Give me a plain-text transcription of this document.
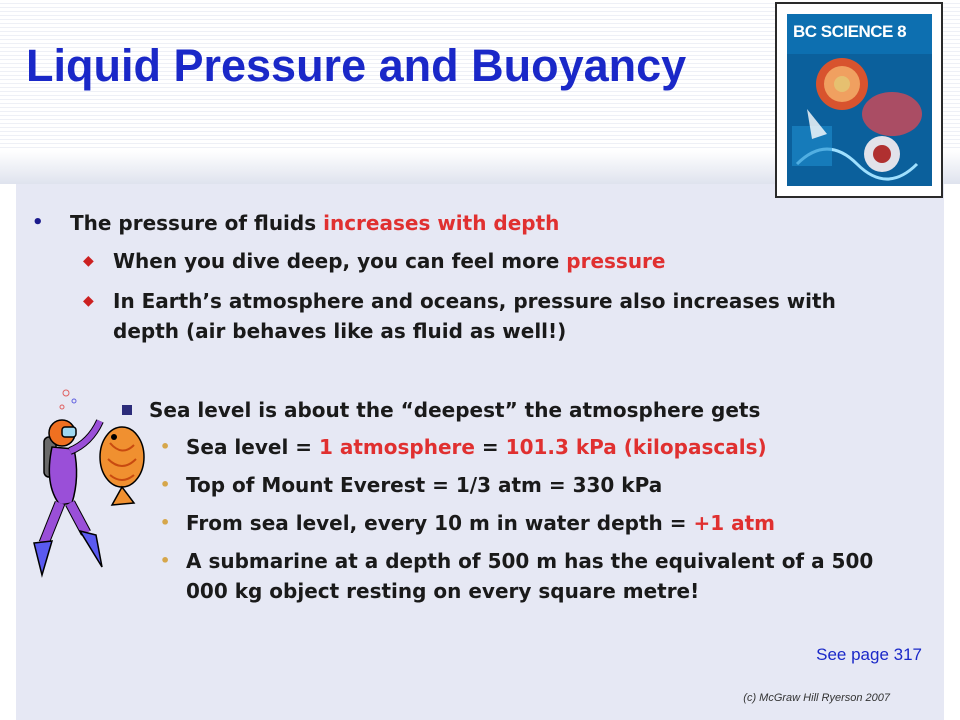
Liquid Pressure and Buoyancy
BC SCIENCE 8
• The pressure of fluids increases with depth
◆ When you dive deep, you can feel more pressure
◆ In Earth’s atmosphere and oceans, pressure also increases with depth (air behaves like as fluid as well!)
Sea level is about the “deepest” the atmosphere gets
• Sea level = 1 atmosphere = 101.3 kPa (kilopascals)
• Top of Mount Everest = 1/3 atm = 330 kPa
• From sea level, every 10 m in water depth = +1 atm
• A submarine at a depth of 500 m has the equivalent of a 500 000 kg object resting on every square metre!
See page 317
(c) McGraw Hill Ryerson 2007
